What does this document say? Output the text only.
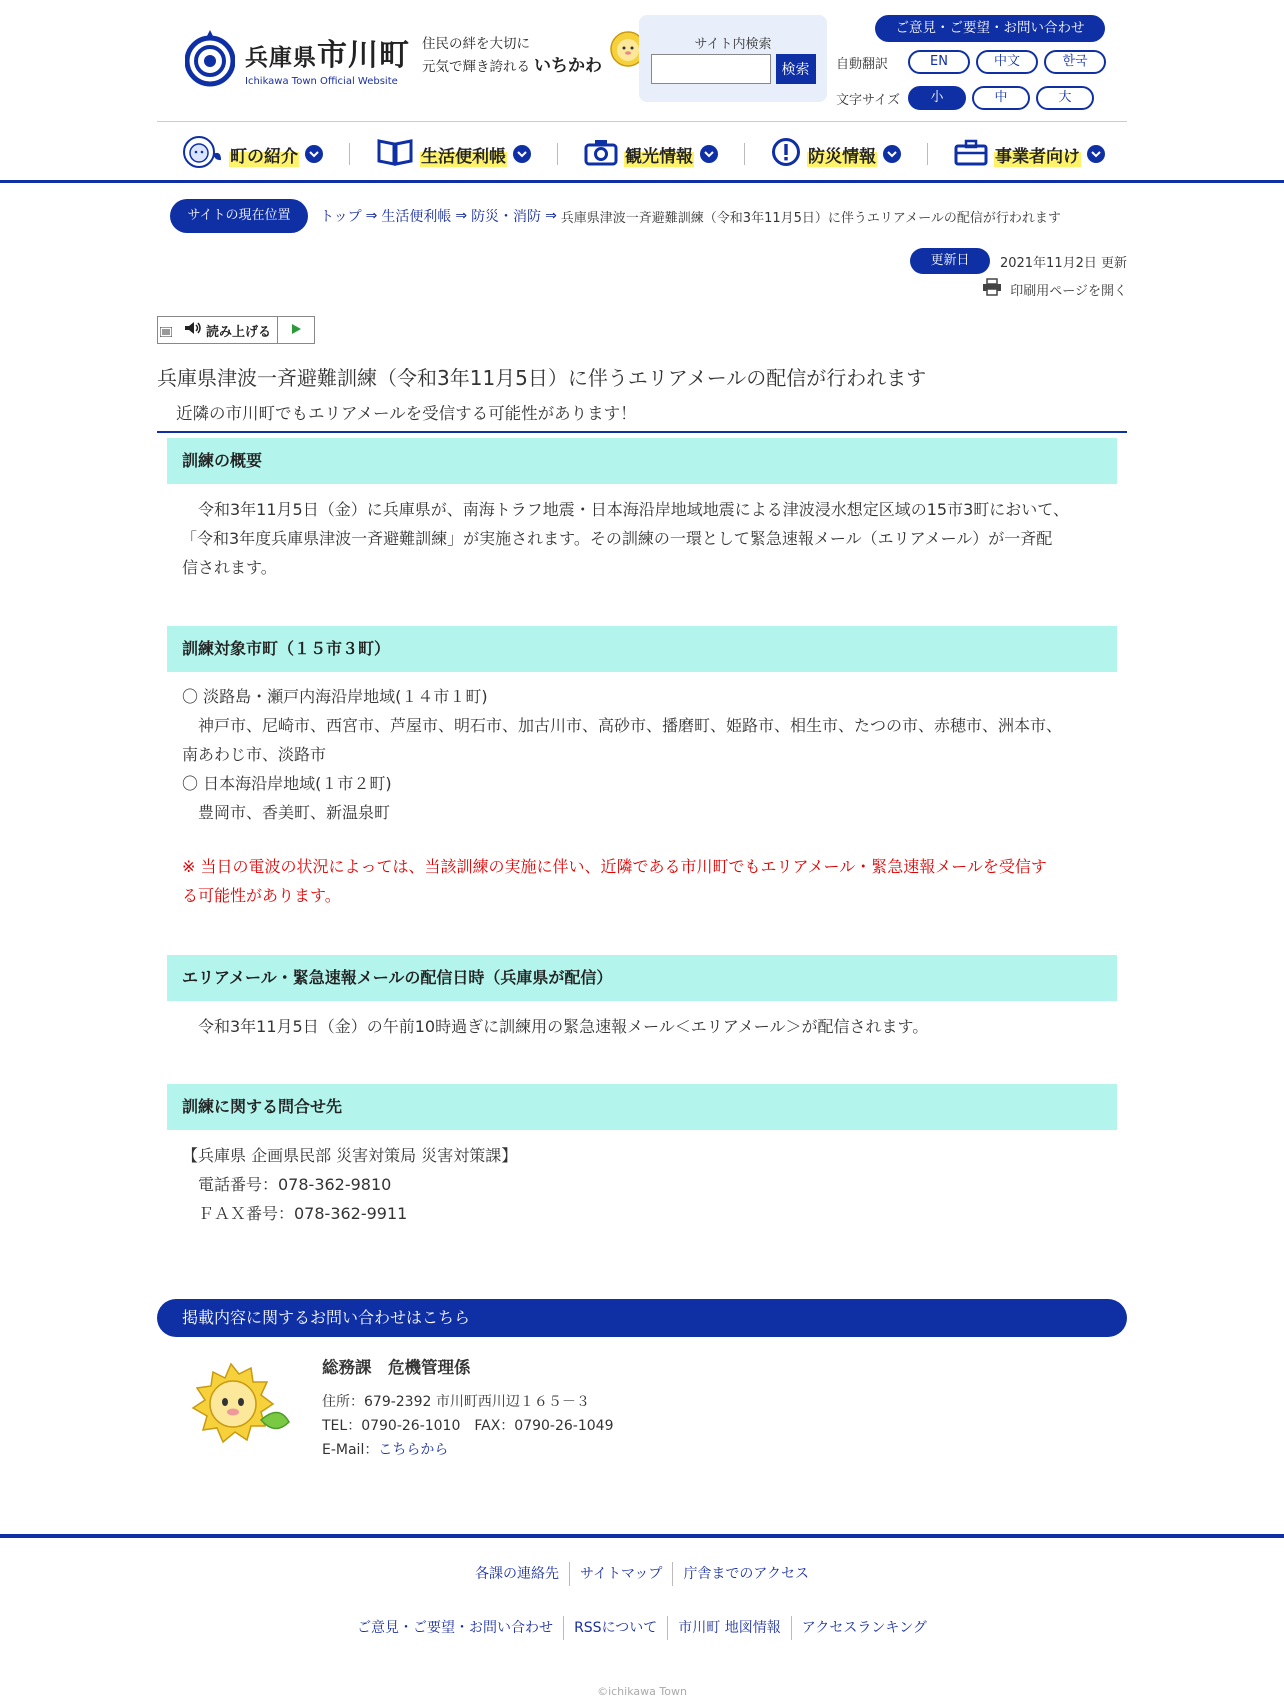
兵庫県市川町
Ichikawa Town Official Website
住民の絆を大切に
元気で輝き誇れる いちかわ
サイト内検索
検索
ご意見・ご要望・お問い合わせ
自動翻訳	EN	中文	한국
文字サイズ	小	中	大
町の紹介	生活便利帳	観光情報	防災情報	事業者向け
サイトの現在位置	トップ ⇒ 生活便利帳 ⇒ 防災・消防 ⇒ 兵庫県津波一斉避難訓練（令和3年11月5日）に伴うエリアメールの配信が行われます
更新日	2021年11月2日 更新
印刷用ページを開く
読み上げる
兵庫県津波一斉避難訓練（令和3年11月5日）に伴うエリアメールの配信が行われます
近隣の市川町でもエリアメールを受信する可能性があります！
訓練の概要
　令和3年11月5日（金）に兵庫県が、南海トラフ地震・日本海沿岸地域地震による津波浸水想定区域の15市3町において、
「令和3年度兵庫県津波一斉避難訓練」が実施されます。その訓練の一環として緊急速報メール（エリアメール）が一斉配
信されます。
訓練対象市町（１５市３町）
〇 淡路島・瀬戸内海沿岸地域(１４市１町)
　神戸市、尼崎市、西宮市、芦屋市、明石市、加古川市、高砂市、播磨町、姫路市、相生市、たつの市、赤穂市、洲本市、
南あわじ市、淡路市
〇 日本海沿岸地域(１市２町)
　豊岡市、香美町、新温泉町
※ 当日の電波の状況によっては、当該訓練の実施に伴い、近隣である市川町でもエリアメール・緊急速報メールを受信す
る可能性があります。
エリアメール・緊急速報メールの配信日時（兵庫県が配信）
　令和3年11月5日（金）の午前10時過ぎに訓練用の緊急速報メール＜エリアメール＞が配信されます。
訓練に関する問合せ先
【兵庫県 企画県民部 災害対策局 災害対策課】
　電話番号：078-362-9810
　ＦＡＸ番号：078-362-9911
掲載内容に関するお問い合わせはこちら
総務課　危機管理係
住所：679-2392 市川町西川辺１６５－３
TEL：0790-26-1010　FAX：0790-26-1049
E-Mail：こちらから
各課の連絡先	サイトマップ	庁舎までのアクセス
ご意見・ご要望・お問い合わせ	RSSについて	市川町 地図情報	アクセスランキング
©ichikawa Town
